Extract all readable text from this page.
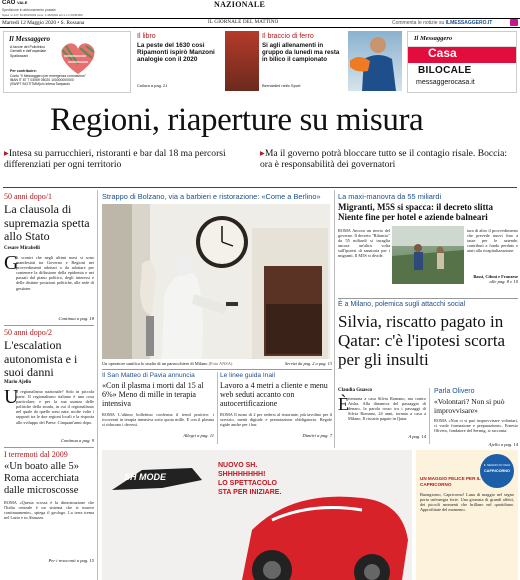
CAO VALE
Spedizione in abbonamento postale
Sped. in A.P. DL353/2003 conv. L.46/2004 art.1 c.1 DCB-RM
NAZIONALE
Martedì 12 Maggio 2020 • S. Rossana	IL GIORNALE DEL MATTINO	Commenta le notizie su ILMESSAGGERO.IT
Il Messaggero
A favore del Policlinico Gemelli e dell'ospedale Spallanzani
Per contribuire:
Conto "Il Messaggero per emergenza coronavirus"
IBAN IT 87 T 03069 05020 100000000000
(SWIFT BCITITMM) c/o Intesa Sanpaolo
Il libro
La peste del 1630 così Ripamonti ispirò Manzoni analogie con il 2020
Collora a pag. 21
Il braccio di ferro
Si agli allenamenti in gruppo da lunedì ma resta in bilico il campionato
Bernardini nello Sport
Il Messaggero
Casa
BILOCALE
messaggerocasa.it
Regioni, riaperture su misura
▸Intesa su parrucchieri, ristoranti e bar dal 18 ma percorsi differenziati per ogni territorio
▸Ma il governo potrà bloccare tutto se il contagio risale. Boccia: ora è responsabilità dei governatori
50 anni dopo/1
La clausola di supremazia spetta allo Stato
Cesare Mirabelli
G
li scontri che negli ultimi mesi si sono manifestati tra Governo e Regioni nei provvedimenti adottati o da adottare per contenere la diffusione della epidemia e nei passati dal piano politico, degli interessi e delle distinte posizioni politiche, alle sede di gestione.
Continua a pag. 18
50 anni dopo/2
L'escalation autonomista e i suoi danni
Mario Ajello
U
n regionalismo nazionale? Solo in piccola parte. Il regionalismo italiano è una cosa particolare, e per la sua usanza delle politiche della strada, in cui il regionalismo nel quale da quelle sono nate, molte volte i rapporti tra le due regioni locali e la risposta allo sviluppo del Paese. Cinquant'anni dopo.
Continua a pag. 9
I terremoti dal 2009
«Un boato alle 5» Roma accerchiata dalle microscosse
ROMA «Questa scossa è la dimostrazione che l'Italia centrale è un sistema che si muove continuamente», spiega il geologo. La terra trema nel Lazio e in Abruzzo.
Per i resoconti a pag. 15
Strappo di Bolzano, via a barbieri e ristorazione: «Come a Berlino»
Un operatore sanifica lo studio di un parrucchiere di Milano (Foto ANSA)	Servizi da pag. 2 a pag. 13
Il San Matteo di Pavia annuncia
«Con il plasma i morti dal 15 al 6%» Meno di mille in terapia intensiva
ROMA L'ultimo bollettino conferma il trend positivo: i ricoverati in terapia intensiva sotto quota mille. E con il plasma si riducono i decessi.
Allegri a pag. 11
Le linee guida Inail
Lavoro a 4 metri a cliente e menu web seduti accanto con autocertificazione
ROMA Il turno di 2 per sedersi al ristorante, più tavolino per il servizio, menù digitale e prenotazione obbligatoria. Regole rigide anche per i bar.
Dimitri a pag. 7
La maxi-manovra da 55 miliardi
Migranti, M5S si spacca: il decreto slitta Niente fine per hotel e aziende balneari
ROMA Ancora un rinvio del governo. Il decreto "Rilancio" da 55 miliardi si incaglia ancora un'altra volta sull'ipotesi di sanatoria per i migranti. Il M5S si divide.
tura di altro il provvedimento che prevede nuovi fino a tasse per le aziende, contributi a fondo perduto e aiuti alla ricapitalizzazione.
Bassi, Cifoni e Franzese
alle pag. 8 e 10
È a Milano, polemica sugli attacchi social
Silvia, riscatto pagato in Qatar: c'è l'ipotesi scorta per gli insulti
Claudia Guasco
È rientrata a casa Silvia Romano, ma contro Aisha. Alla dinamica del passaggio di denaro, la parola rosso tra i passaggi di Silvia Romano, 24 anni, tornata a casa a Milano. Il riscatto pagato in Qatar.
A pag. 14
Parla Olivero
«Volontari? Non si può improvvisare»
ROMA «Non ci si può improvvisare volontari, ci vuole formazione e preparazione». Ernesto Olivero, fondatore del Sermig, si racconta.
Ajello a pag. 14
SH MODE
NUOVO SH.
SHHHHHHHH!
LO SPETTACOLO
STA PER INIZIARE.
IL SEGNO DI OGGI
CAPRICORNO
UN MAGGIO FELICE PER IL CAPRICORNO
Buongiorno, Capricorno! Luna di maggio nel segno porta un'energia forte. Una giornata di grandi affetti, dei piccoli momenti che brillano nel quotidiano. Approfittate del momento.
